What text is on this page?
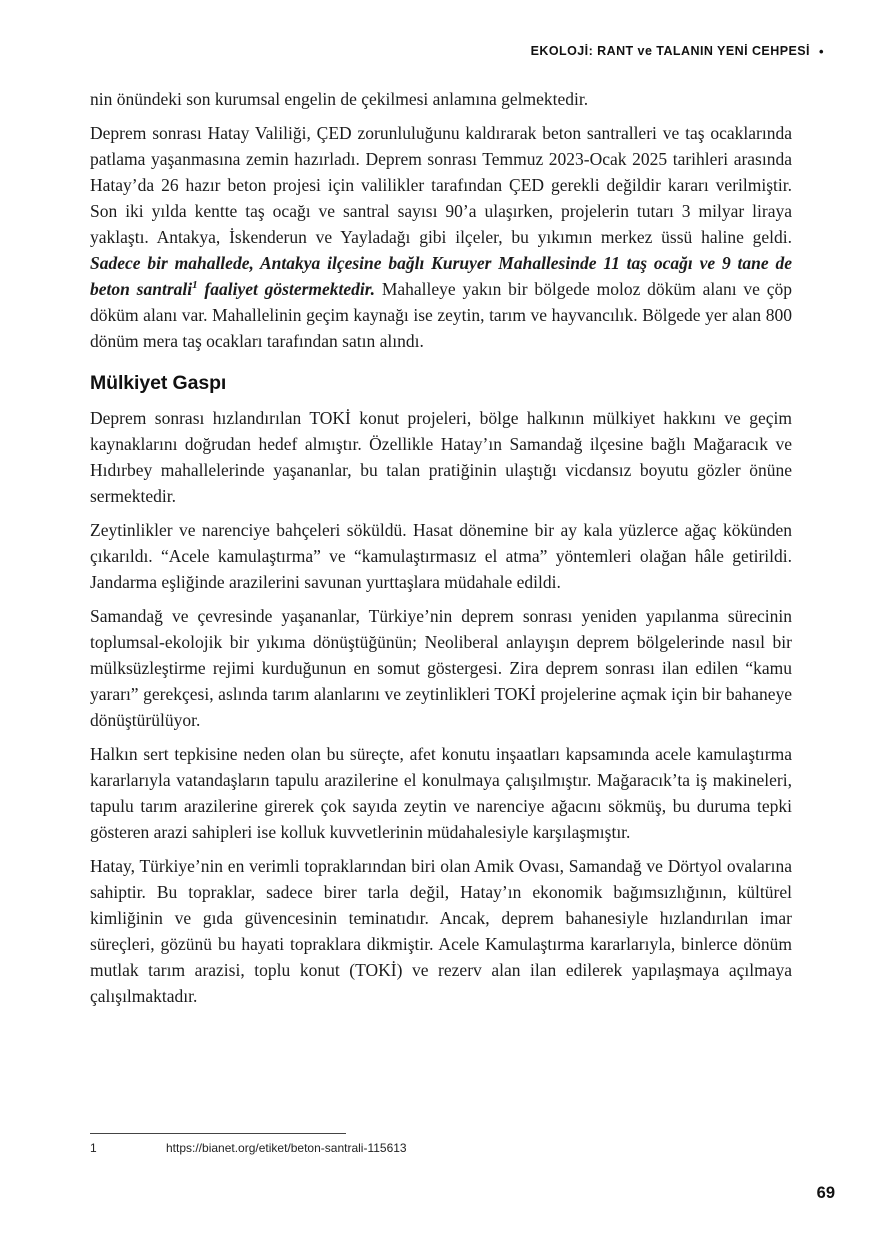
EKOLOJİ: RANT ve TALANIN YENİ CEHPESİ •

nin önündeki son kurumsal engelin de çekilmesi anlamına gelmektedir.

Deprem sonrası Hatay Valiliği, ÇED zorunluluğunu kaldırarak beton santralleri ve taş ocaklarında patlama yaşanmasına zemin hazırladı. Deprem sonrası Temmuz 2023-Ocak 2025 tarihleri arasında Hatay’da 26 hazır beton projesi için valilikler tarafından ÇED gerekli değildir kararı verilmiştir. Son iki yılda kentte taş ocağı ve santral sayısı 90’a ulaşırken, projelerin tutarı 3 milyar liraya yaklaştı. Antakya, İskenderun ve Yayladağı gibi ilçeler, bu yıkımın merkez üssü haline geldi. Sadece bir mahallede, Antakya ilçesine bağlı Kuruyer Mahallesinde 11 taş ocağı ve 9 tane de beton santrali$^1$ faaliyet göstermektedir. Mahalleye yakın bir bölgede moloz döküm alanı ve çöp döküm alanı var. Mahallelinin geçim kaynağı ise zeytin, tarım ve hayvancılık. Bölgede yer alan 800 dönüm mera taş ocakları tarafından satın alındı.

Mülkiyet Gaspı

Deprem sonrası hızlandırılan TOKİ konut projeleri, bölge halkının mülkiyet hakkını ve geçim kaynaklarını doğrudan hedef almıştır. Özellikle Hatay’ın Samandağ ilçesine bağlı Mağaracık ve Hıdırbey mahallelerinde yaşananlar, bu talan pratiğinin ulaştığı vicdansız boyutu gözler önüne sermektedir.

Zeytinlikler ve narenciye bahçeleri söküldü. Hasat dönemine bir ay kala yüzlerce ağaç kökünden çıkarıldı. “Acele kamulaştırma” ve “kamulaştırmasız el atma” yöntemleri olağan hâle getirildi. Jandarma eşliğinde arazilerini savunan yurttaşlara müdahale edildi.

Samandağ ve çevresinde yaşananlar, Türkiye’nin deprem sonrası yeniden yapılanma sürecinin toplumsal-ekolojik bir yıkıma dönüştüğünün; Neoliberal anlayışın deprem bölgelerinde nasıl bir mülksüzleştirme rejimi kurduğunun en somut göstergesi. Zira deprem sonrası ilan edilen “kamu yararı” gerekçesi, aslında tarım alanlarını ve zeytinlikleri TOKİ projelerine açmak için bir bahaneye dönüştürülüyor.

Halkın sert tepkisine neden olan bu süreçte, afet konutu inşaatları kapsamında acele kamulaştırma kararlarıyla vatandaşların tapulu arazilerine el konulmaya çalışılmıştır. Mağaracık’ta iş makineleri, tapulu tarım arazilerine girerek çok sayıda zeytin ve narenciye ağacını sökmüş, bu duruma tepki gösteren arazi sahipleri ise kolluk kuvvetlerinin müdahalesiyle karşılaşmıştır.

Hatay, Türkiye’nin en verimli topraklarından biri olan Amik Ovası, Samandağ ve Dörtyol ovalarına sahiptir. Bu topraklar, sadece birer tarla değil, Hatay’ın ekonomik bağımsızlığının, kültürel kimliğinin ve gıda güvencesinin teminatıdır. Ancak, deprem bahanesiyle hızlandırılan imar süreçleri, gözünü bu hayati topraklara dikmiştir. Acele Kamulaştırma kararlarıyla, binlerce dönüm mutlak tarım arazisi, toplu konut (TOKİ) ve rezerv alan ilan edilerek yapılaşmaya açılmaya çalışılmaktadır.

1	https://bianet.org/etiket/beton-santrali-115613
69
